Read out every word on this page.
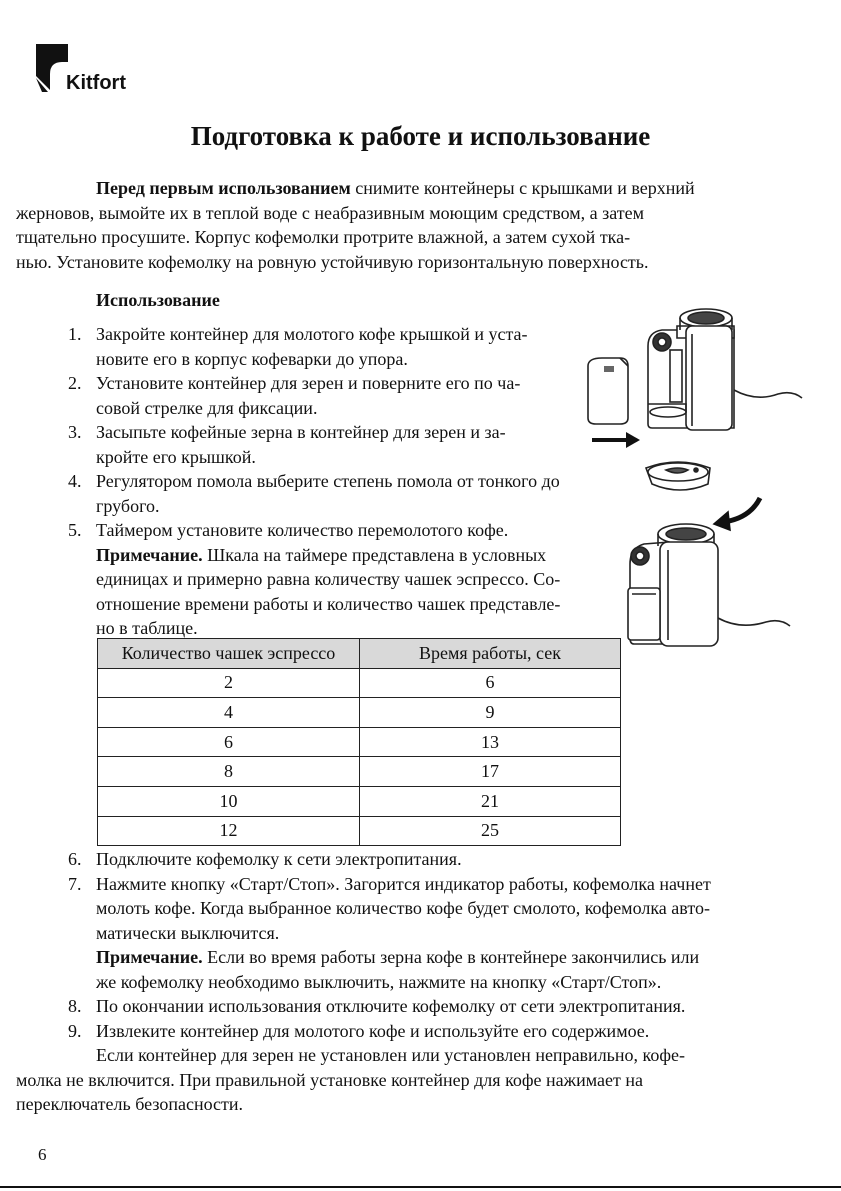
Kitfort
Подготовка к работе и использование

Перед первым использованием снимите контейнеры с крышками и верхний
жерновов, вымойте их в теплой воде с неабразивным моющим средством, а затем
тщательно просушите. Корпус кофемолки протрите влажной, а затем сухой тка-
нью. Установите кофемолку на ровную устойчивую горизонтальную поверхность.

Использование
1. Закройте контейнер для молотого кофе крышкой и уста-
новите его в корпус кофеварки до упора.
2. Установите контейнер для зерен и поверните его по ча-
совой стрелке для фиксации.
3. Засыпьте кофейные зерна в контейнер для зерен и за-
кройте его крышкой.
4. Регулятором помола выберите степень помола от тонкого до
грубого.
5. Таймером установите количество перемолотого кофе.
Примечание. Шкала на таймере представлена в условных
единицах и примерно равна количеству чашек эспрессо. Со-
отношение времени работы и количество чашек представле-
но в таблице.
Количество чашек эспрессо	Время работы, сек
2	6
4	9
6	13
8	17
10	21
12	25
6. Подключите кофемолку к сети электропитания.
7. Нажмите кнопку «Старт/Стоп». Загорится индикатор работы, кофемолка начнет
молоть кофе. Когда выбранное количество кофе будет смолото, кофемолка авто-
матически выключится.
Примечание. Если во время работы зерна кофе в контейнере закончились или
же кофемолку необходимо выключить, нажмите на кнопку «Старт/Стоп».
8. По окончании использования отключите кофемолку от сети электропитания.
9. Извлеките контейнер для молотого кофе и используйте его содержимое.

Если контейнер для зерен не установлен или установлен неправильно, кофе-
молка не включится. При правильной установке контейнер для кофе нажимает на
переключатель безопасности.

6
